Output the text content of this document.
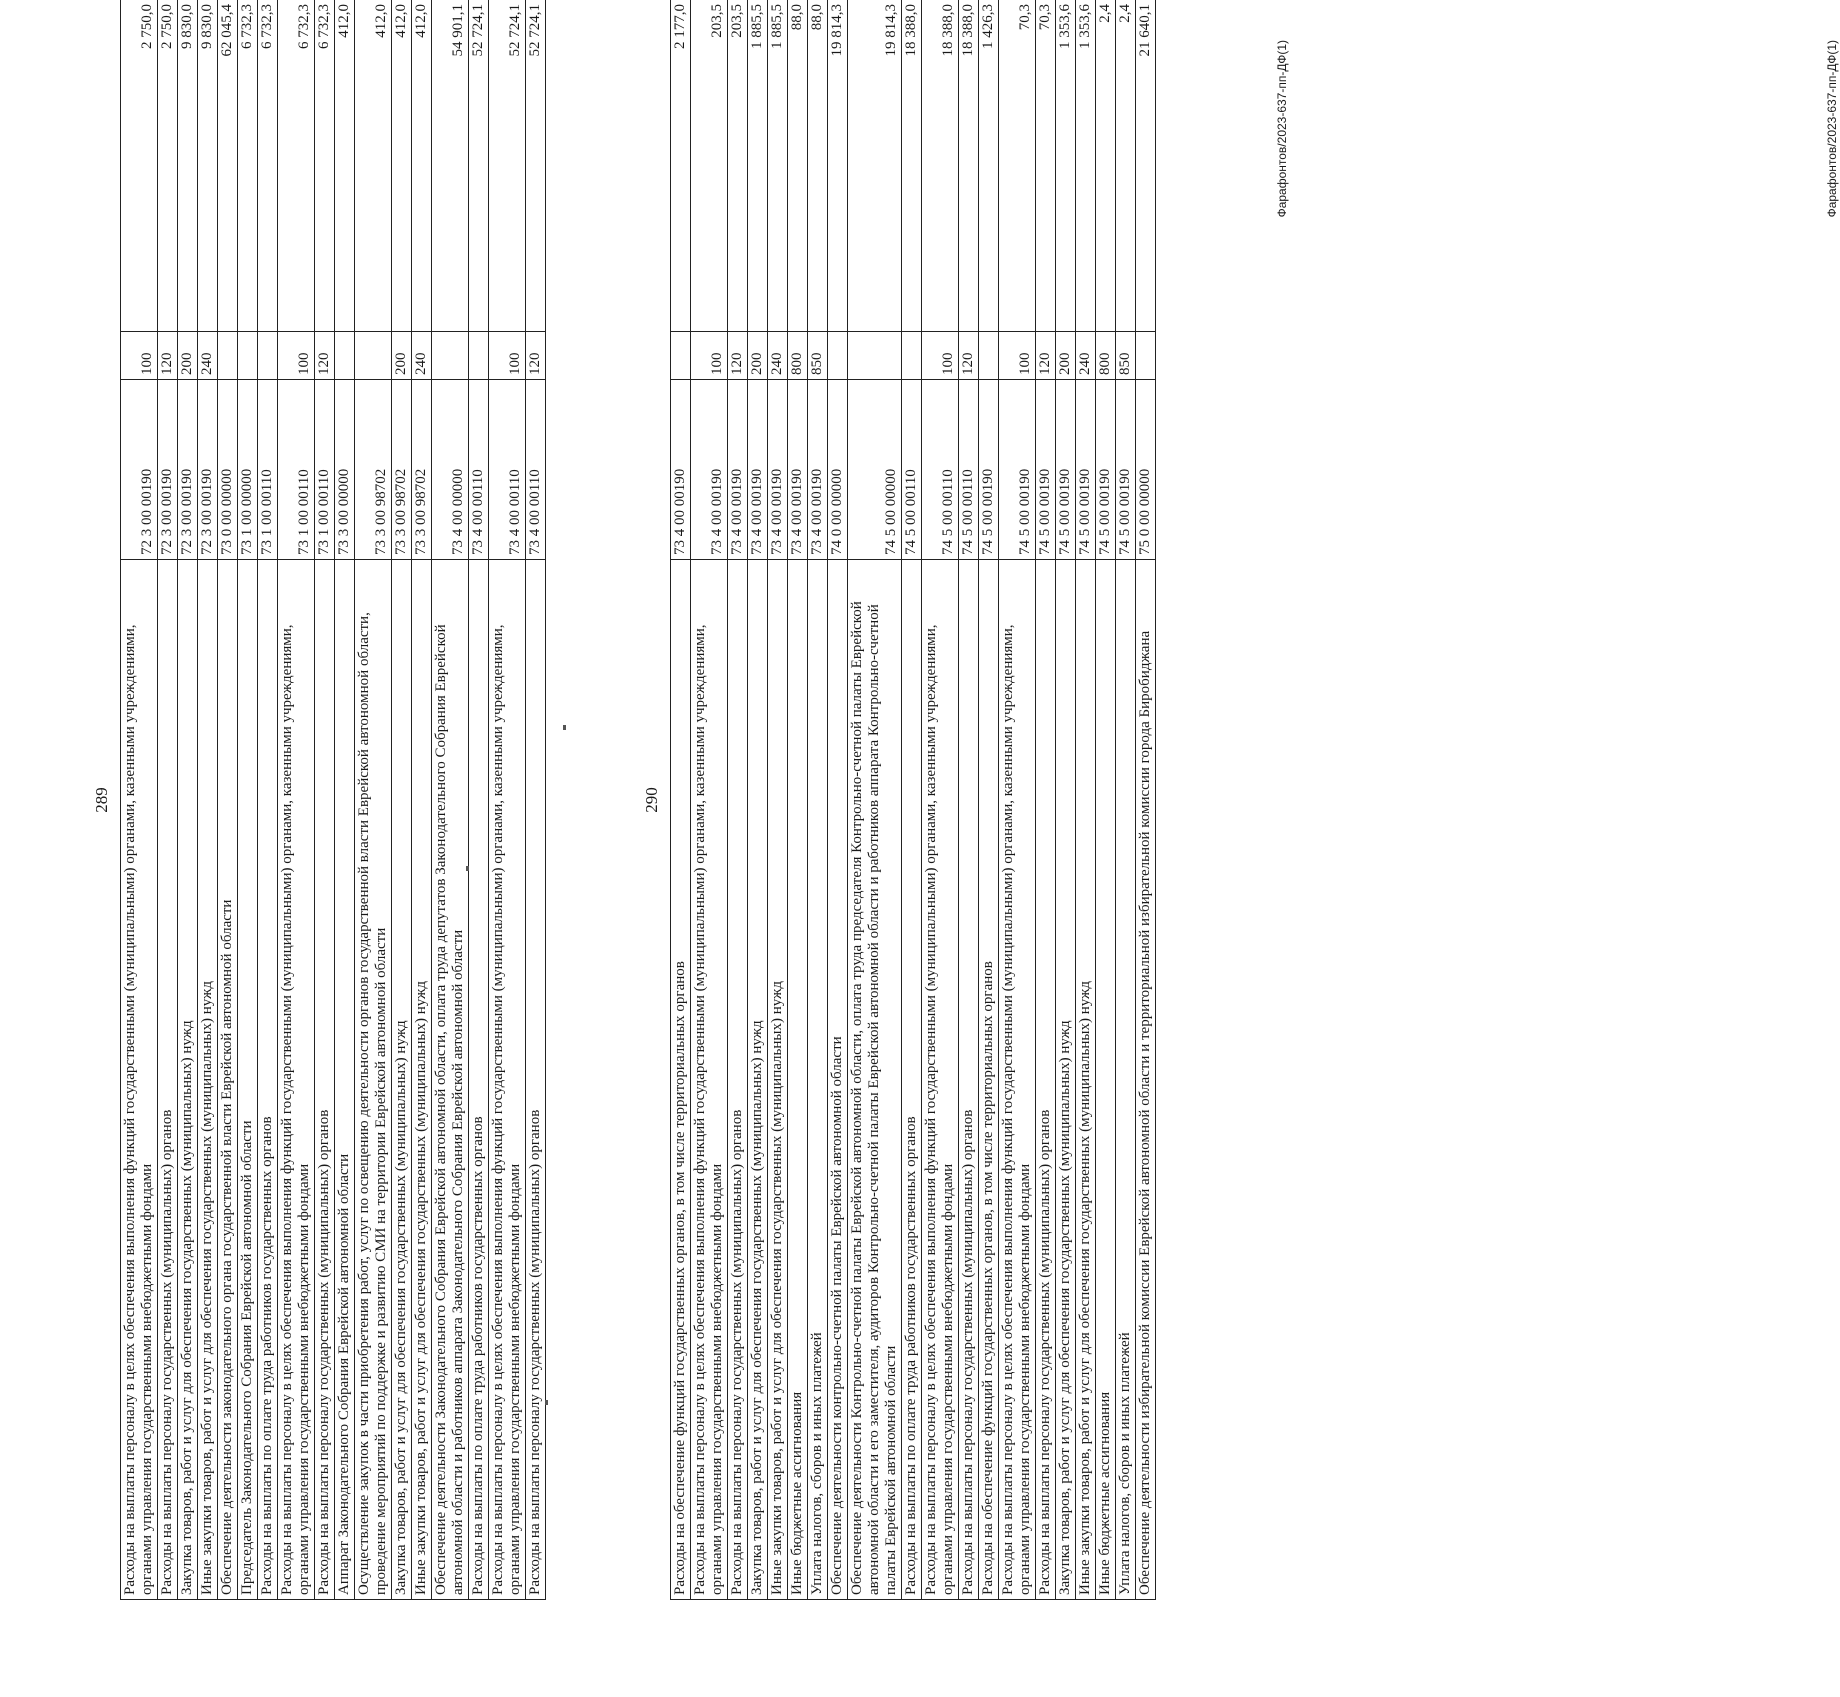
289 Расходы на выплаты персоналу в целях обеспечения выполнения функций государственными (муниципальными) органами, казенными учреждениями, органами управления государственными внебюджетными фондами	72 3 00 00190	100	2 750,0
Расходы на выплаты персоналу государственных (муниципальных) органов	72 3 00 00190	120	2 750,0
Закупка товаров, работ и услуг для обеспечения государственных (муниципальных) нужд	72 3 00 00190	200	9 830,0
Иные закупки товаров, работ и услуг для обеспечения государственных (муниципальных) нужд	72 3 00 00190	240	9 830,0
Обеспечение деятельности законодательного органа государственной власти Еврейской автономной области	73 0 00 00000		62 045,4
Председатель Законодательного Собрания Еврейской автономной области	73 1 00 00000		6 732,3
Расходы на выплаты по оплате труда работников государственных органов	73 1 00 00110		6 732,3
Расходы на выплаты персоналу в целях обеспечения выполнения функций государственными (муниципальными) органами, казенными учреждениями, органами управления государственными внебюджетными фондами	73 1 00 00110	100	6 732,3
Расходы на выплаты персоналу государственных (муниципальных) органов	73 1 00 00110	120	6 732,3
Аппарат Законодательного Собрания Еврейской автономной области	73 3 00 00000		412,0
Осуществление закупок в части приобретения работ, услуг по освещению деятельности органов государственной власти Еврейской автономной области, проведение мероприятий по поддержке и развитию СМИ на территории Еврейской автономной области	73 3 00 98702		412,0
Закупка товаров, работ и услуг для обеспечения государственных (муниципальных) нужд	73 3 00 98702	200	412,0
Иные закупки товаров, работ и услуг для обеспечения государственных (муниципальных) нужд	73 3 00 98702	240	412,0
Обеспечение деятельности Законодательного Собрания Еврейской автономной области, оплата труда депутатов Законодательного Собрания Еврейской автономной области и работников аппарата Законодательного Собрания Еврейской автономной области	73 4 00 00000		54 901,1
Расходы на выплаты по оплате труда работников государственных органов	73 4 00 00110		52 724,1
Расходы на выплаты персоналу в целях обеспечения выполнения функций государственными (муниципальными) органами, казенными учреждениями, органами управления государственными внебюджетными фондами	73 4 00 00110	100	52 724,1
Расходы на выплаты персоналу государственных (муниципальных) органов	73 4 00 00110	120	52 724,1
Фарафонтов/2023-637-пп-ДФ(1)
290
Расходы на обеспечение функций государственных органов, в том числе территориальных органов	73 4 00 00190		2 177,0
Расходы на выплаты персоналу в целях обеспечения выполнения функций государственными (муниципальными) органами, казенными учреждениями, органами управления государственными внебюджетными фондами	73 4 00 00190	100	203,5
Расходы на выплаты персоналу государственных (муниципальных) органов	73 4 00 00190	120	203,5
Закупка товаров, работ и услуг для обеспечения государственных (муниципальных) нужд	73 4 00 00190	200	1 885,5
Иные закупки товаров, работ и услуг для обеспечения государственных (муниципальных) нужд	73 4 00 00190	240	1 885,5
Иные бюджетные ассигнования	73 4 00 00190	800	88,0
Уплата налогов, сборов и иных платежей	73 4 00 00190	850	88,0
Обеспечение деятельности контрольно-счетной палаты Еврейской автономной области	74 0 00 00000		19 814,3
Обеспечение деятельности Контрольно-счетной палаты Еврейской автономной области, оплата труда председателя Контрольно-счетной палаты Еврейской автономной области и его заместителя, аудиторов Контрольно-счетной палаты Еврейской автономной области и работников аппарата Контрольно-счетной палаты Еврейской автономной области	74 5 00 00000		19 814,3
Расходы на выплаты по оплате труда работников государственных органов	74 5 00 00110		18 388,0
Расходы на выплаты персоналу в целях обеспечения выполнения функций государственными (муниципальными) органами, казенными учреждениями, органами управления государственными внебюджетными фондами	74 5 00 00110	100	18 388,0
Расходы на выплаты персоналу государственных (муниципальных) органов	74 5 00 00110	120	18 388,0
Расходы на обеспечение функций государственных органов, в том числе территориальных органов	74 5 00 00190		1 426,3
Расходы на выплаты персоналу в целях обеспечения выполнения функций государственными (муниципальными) органами, казенными учреждениями, органами управления государственными внебюджетными фондами	74 5 00 00190	100	70,3
Расходы на выплаты персоналу государственных (муниципальных) органов	74 5 00 00190	120	70,3
Закупка товаров, работ и услуг для обеспечения государственных (муниципальных) нужд	74 5 00 00190	200	1 353,6
Иные закупки товаров, работ и услуг для обеспечения государственных (муниципальных) нужд	74 5 00 00190	240	1 353,6
Иные бюджетные ассигнования	74 5 00 00190	800	2,4
Уплата налогов, сборов и иных платежей	74 5 00 00190	850	2,4
Обеспечение деятельности избирательной комиссии Еврейской автономной области и территориальной избирательной комиссии города Биробиджана	75 0 00 00000		21 640,1
Фарафонтов/2023-637-пп-ДФ(1)
